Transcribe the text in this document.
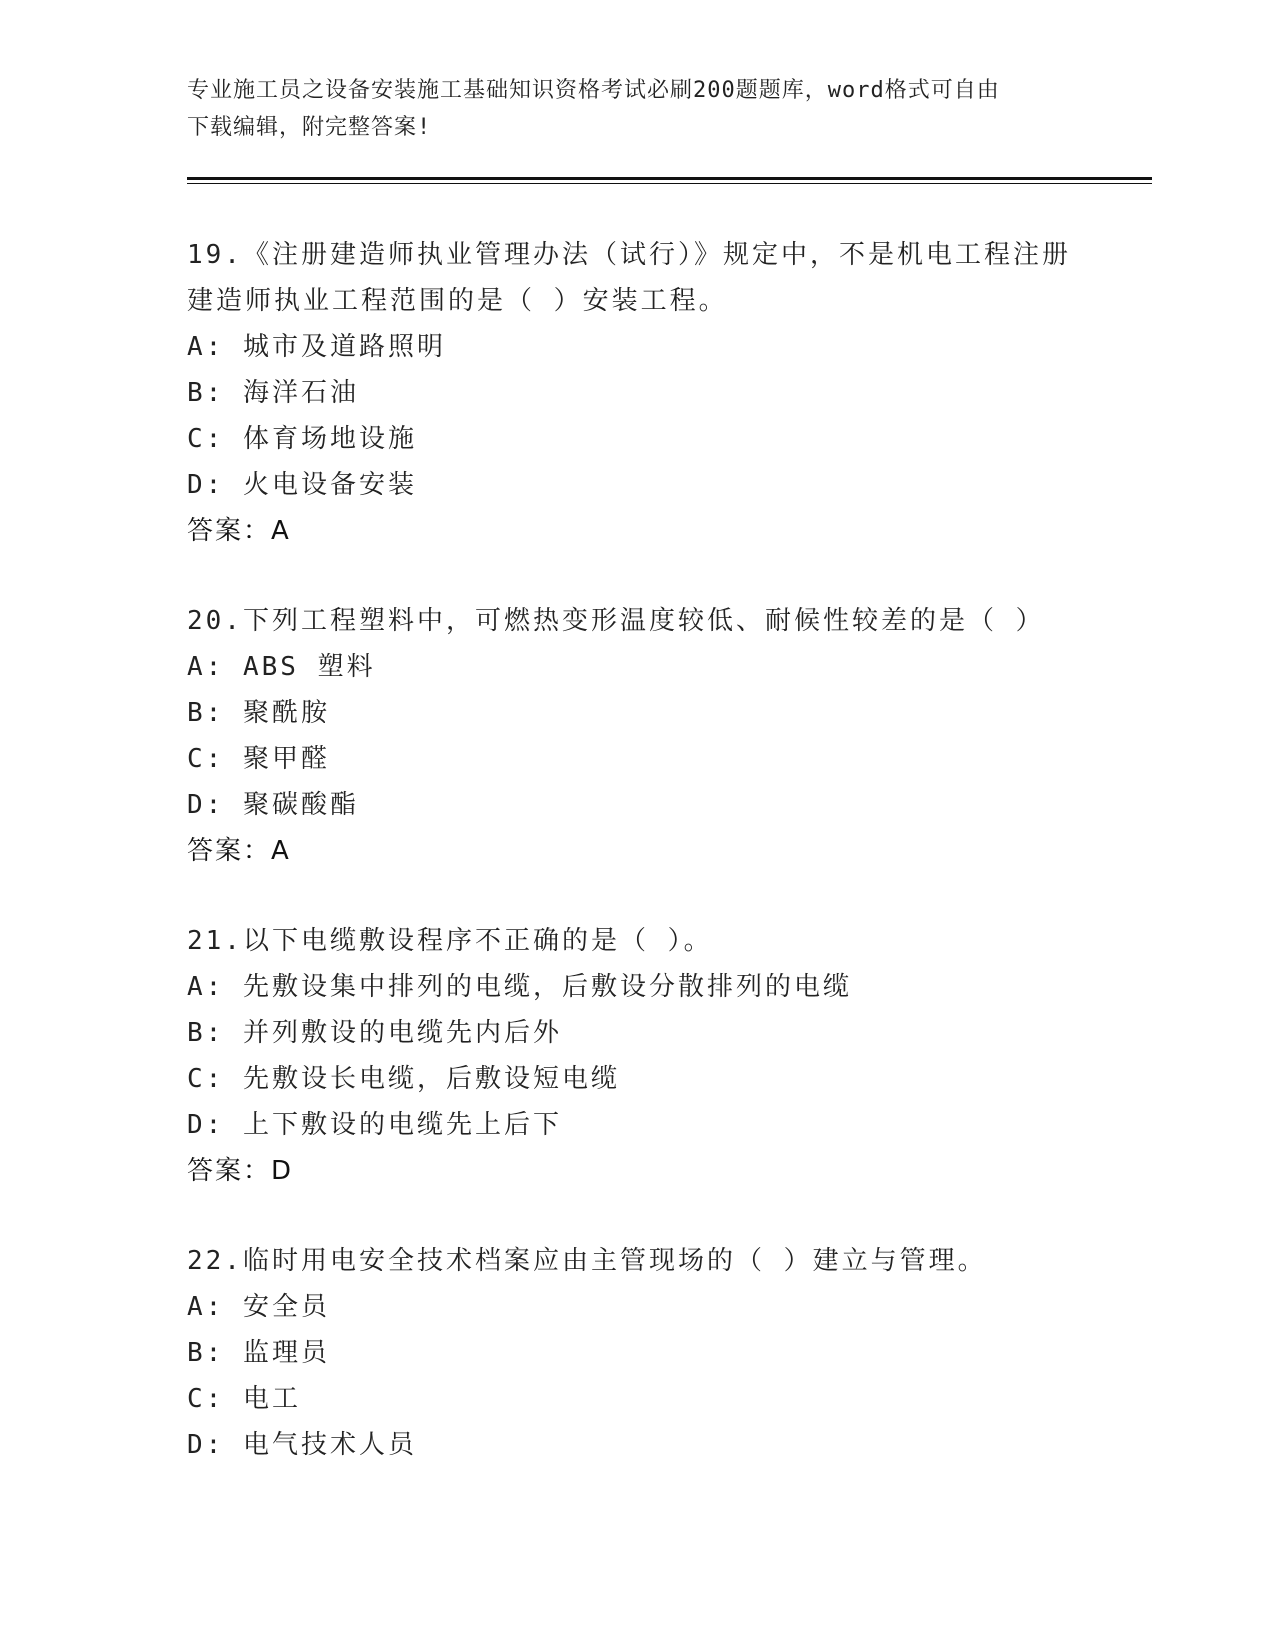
专业施工员之设备安装施工基础知识资格考试必刷200题题库，word格式可自由
下载编辑，附完整答案!
19.《注册建造师执业管理办法（试行）》规定中，不是机电工程注册
建造师执业工程范围的是（ ）安装工程。
A: 城市及道路照明
B: 海洋石油
C: 体育场地设施
D: 火电设备安装
答案：A
20.下列工程塑料中，可燃热变形温度较低、耐候性较差的是（ ）
A: ABS 塑料
B: 聚酰胺
C: 聚甲醛
D: 聚碳酸酯
答案：A
21.以下电缆敷设程序不正确的是（ ）。
A: 先敷设集中排列的电缆，后敷设分散排列的电缆
B: 并列敷设的电缆先内后外
C: 先敷设长电缆，后敷设短电缆
D: 上下敷设的电缆先上后下
答案：D
22.临时用电安全技术档案应由主管现场的（ ）建立与管理。
A: 安全员
B: 监理员
C: 电工
D: 电气技术人员
